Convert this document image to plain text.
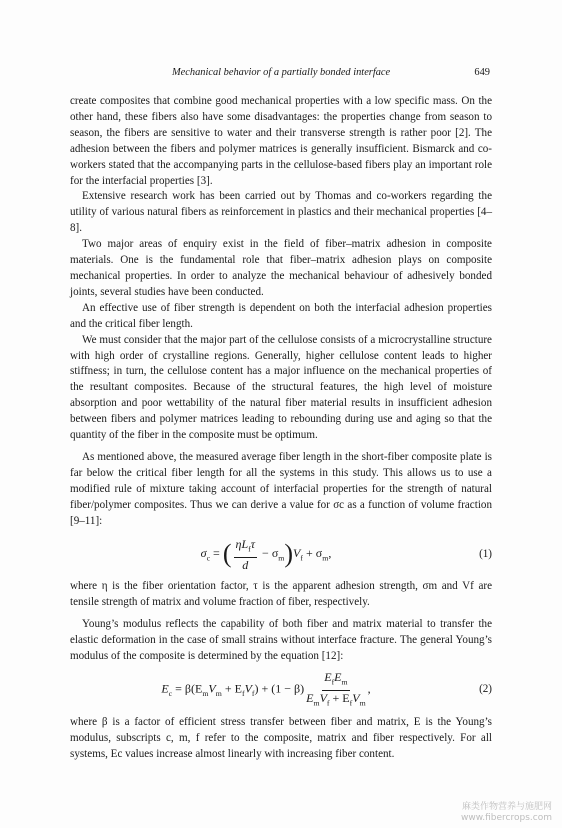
Mechanical behavior of a partially bonded interface	649

create composites that combine good mechanical properties with a low specific mass. On the other hand, these fibers also have some disadvantages: the properties change from season to season, the fibers are sensitive to water and their transverse strength is rather poor [2]. The adhesion between the fibers and polymer matrices is generally insufficient. Bismarck and co-workers stated that the accompanying parts in the cellulose-based fibers play an important role for the interfacial properties [3].

Extensive research work has been carried out by Thomas and co-workers regarding the utility of various natural fibers as reinforcement in plastics and their mechanical properties [4–8].

Two major areas of enquiry exist in the field of fiber–matrix adhesion in composite materials. One is the fundamental role that fiber–matrix adhesion plays on composite mechanical properties. In order to analyze the mechanical behaviour of adhesively bonded joints, several studies have been conducted.

An effective use of fiber strength is dependent on both the interfacial adhesion properties and the critical fiber length.

We must consider that the major part of the cellulose consists of a microcrystalline structure with high order of crystalline regions. Generally, higher cellulose content leads to higher stiffness; in turn, the cellulose content has a major influence on the mechanical properties of the resultant composites. Because of the structural features, the high level of moisture absorption and poor wettability of the natural fiber material results in insufficient adhesion between fibers and polymer matrices leading to rebounding during use and aging so that the quantity of the fiber in the composite must be optimum.

As mentioned above, the measured average fiber length in the short-fiber composite plate is far below the critical fiber length for all the systems in this study. This allows us to use a modified rule of mixture taking account of interfacial properties for the strength of natural fiber/polymer composites. Thus we can derive a value for σc as a function of volume fraction [9–11]:

$\sigma_c$ = ( $\frac{\eta L_f\tau}{d} - \sigma_m)V_f + \sigma_m$,	(1)

where η is the fiber orientation factor, τ is the apparent adhesion strength, σm and Vf are tensile strength of matrix and volume fraction of fiber, respectively.

Young’s modulus reflects the capability of both fiber and matrix material to transfer the elastic deformation in the case of small strains without interface fracture. The general Young’s modulus of the composite is determined by the equation [12]:

$E_c = \beta(E_mV_m + E_fV_f) + (1 - \beta) \frac{E_fE_m}{E_mV_f + E_fV_m}$ ,	(2)

where β is a factor of efficient stress transfer between fiber and matrix, E is the Young’s modulus, subscripts c, m, f refer to the composite, matrix and fiber respectively. For all systems, Ec values increase almost linearly with increasing fiber content.

麻类作物营养与施肥网
www.fibercrops.com
